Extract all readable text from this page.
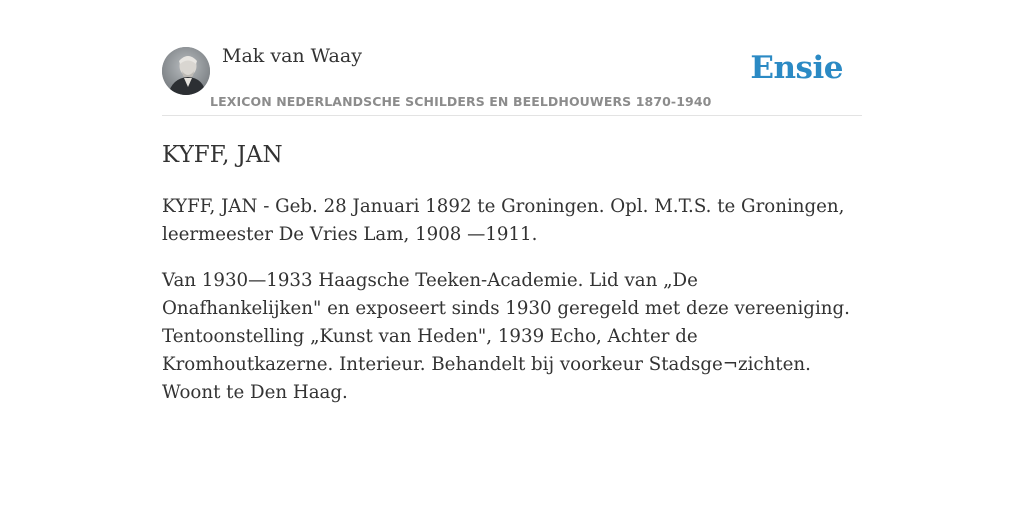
Mak van Waay
LEXICON NEDERLANDSCHE SCHILDERS EN BEELDHOUWERS 1870-1940
Ensie
KYFF, JAN

KYFF, JAN - Geb. 28 Januari 1892 te Groningen. Opl. M.T.S. te Groningen, leermeester De Vries Lam, 1908 —1911.

Van 1930—1933 Haagsche Teeken-Academie. Lid van „De Onafhankelijken" en exposeert sinds 1930 geregeld met deze vereeniging. Tentoonstelling „Kunst van Heden", 1939 Echo, Achter de Kromhoutkazerne. Interieur. Behandelt bij voorkeur Stadsge¬zichten. Woont te Den Haag.
